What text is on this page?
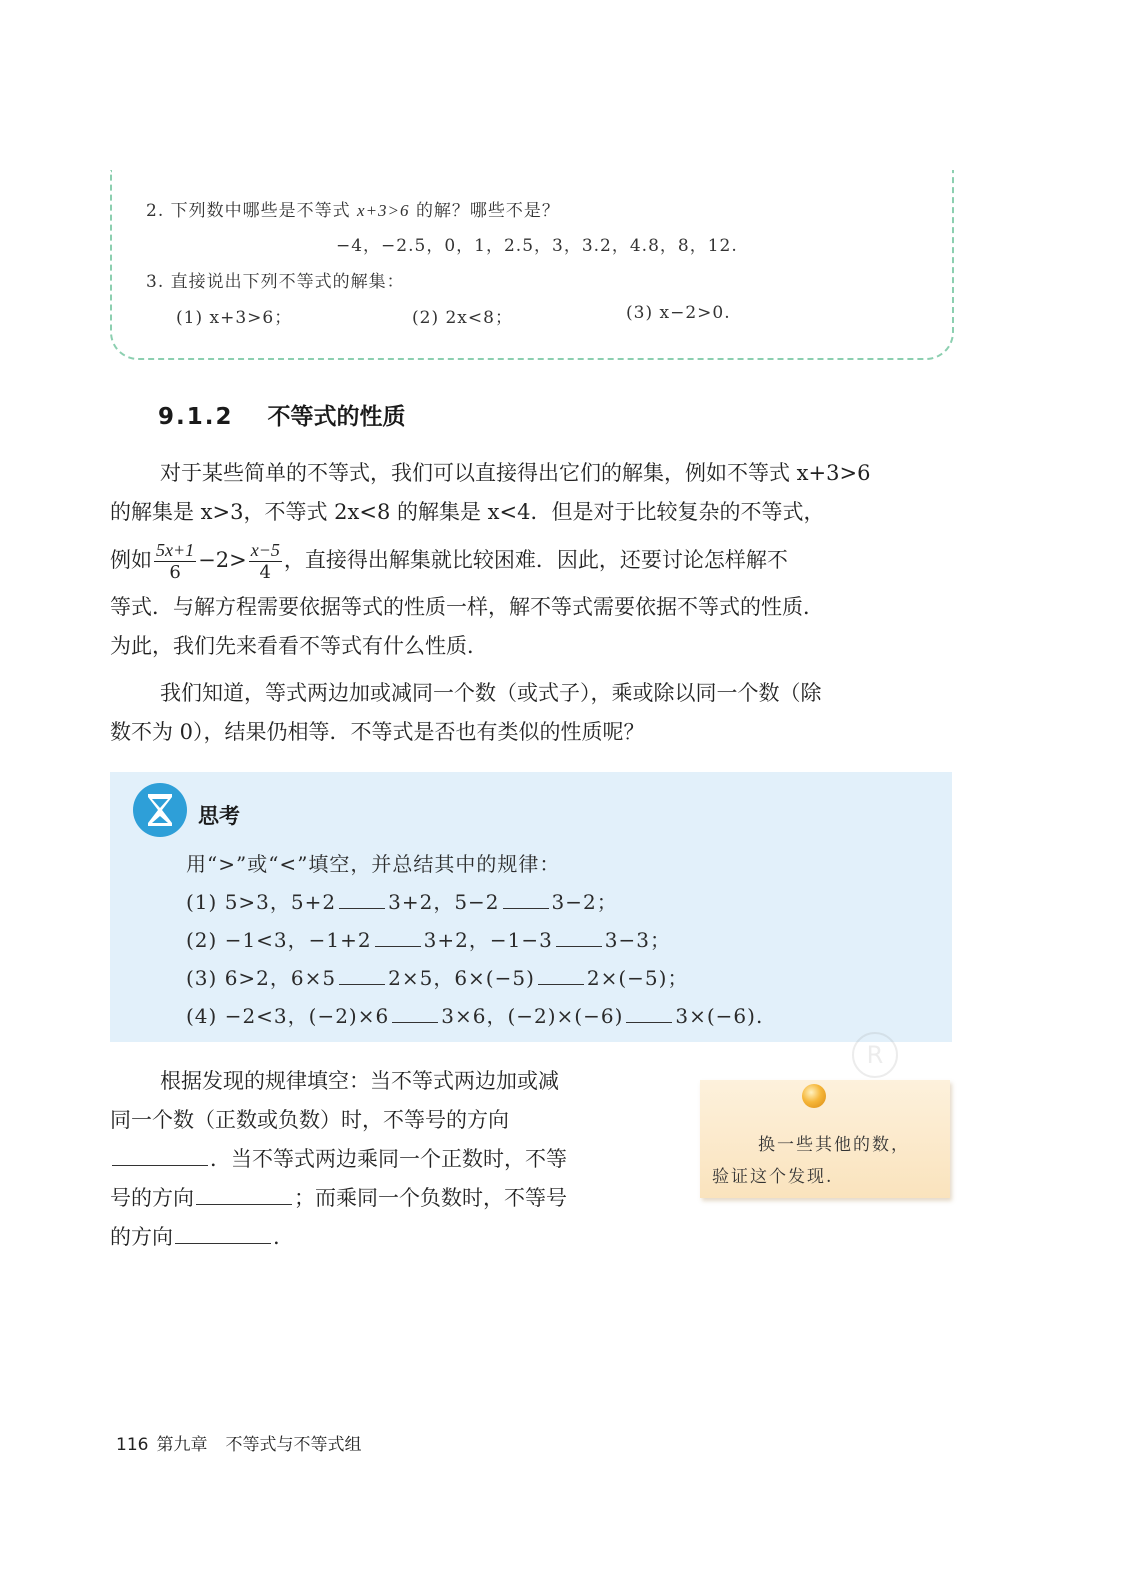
2. 下列数中哪些是不等式 x+3>6 的解？哪些不是？
−4，−2.5，0，1，2.5，3，3.2，4.8，8，12.
3. 直接说出下列不等式的解集：
(1) x+3>6；	(2) 2x<8；	(3) x−2>0.
9.1.2 不等式的性质

对于某些简单的不等式，我们可以直接得出它们的解集，例如不等式 x+3>6

的解集是 x>3，不等式 2x<8 的解集是 x<4．但是对于比较复杂的不等式，

例如 $\frac{5x+1}{6} -2> \frac{x-5}{4}$ ，直接得出解集就比较困难．因此，还要讨论怎样解不

等式．与解方程需要依据等式的性质一样，解不等式需要依据不等式的性质．

为此，我们先来看看不等式有什么性质．

我们知道，等式两边加或减同一个数（或式子），乘或除以同一个数（除

数不为 0），结果仍相等．不等式是否也有类似的性质呢？

思考
用“>”或“<”填空，并总结其中的规律：
(1) 5>3，5+2	3+2，5−2	3−2；
(2) −1<3，−1+2	3+2，−1−3	3−3；
(3) 6>2，6×5	2×5，6×(−5)	2×(−5)；
(4) −2<3，(−2)×6	3×6，(−2)×(−6)	3×(−6).

根据发现的规律填空：当不等式两边加或减

同一个数（正数或负数）时，不等号的方向

．当不等式两边乘同一个正数时，不等

号的方向	；而乘同一个负数时，不等号

的方向	.

换一些其他的数，
验证这个发现.
R
116 第九章 不等式与不等式组
